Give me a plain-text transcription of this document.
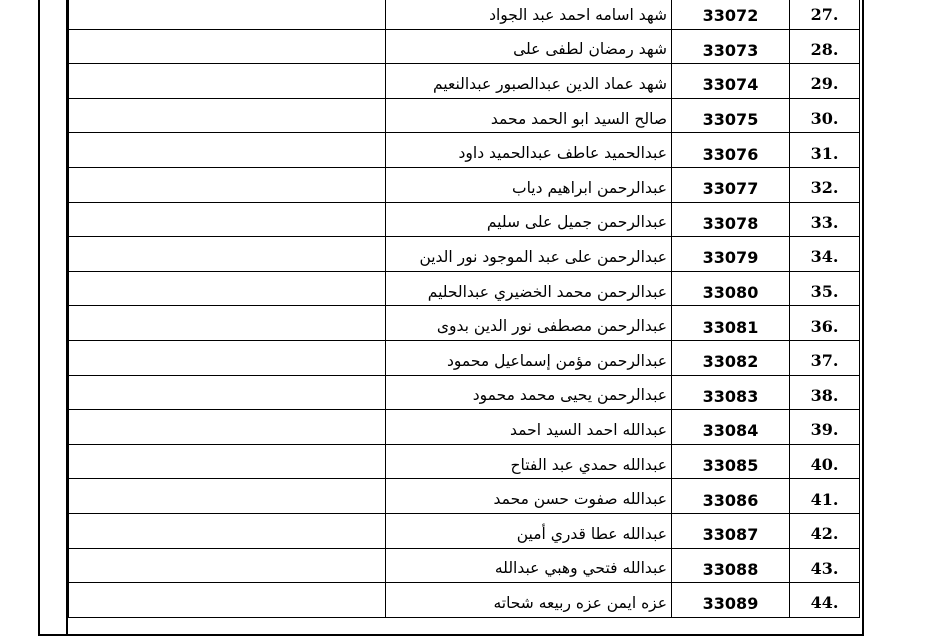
.27	33072	شهد اسامه احمد عبد الجواد	
.28	33073	شهد رمضان لطفى على	
.29	33074	شهد عماد الدين عبدالصبور عبدالنعيم	
.30	33075	صالح السيد ابو الحمد محمد	
.31	33076	عبدالحميد عاطف عبدالحميد داود	
.32	33077	عبدالرحمن ابراهيم دياب	
.33	33078	عبدالرحمن جميل على سليم	
.34	33079	عبدالرحمن على عبد الموجود نور الدين	
.35	33080	عبدالرحمن محمد الخضيري عبدالحليم	
.36	33081	عبدالرحمن مصطفى نور الدين بدوى	
.37	33082	عبدالرحمن مؤمن إسماعيل محمود	
.38	33083	عبدالرحمن يحيى محمد محمود	
.39	33084	عبدالله احمد السيد احمد	
.40	33085	عبدالله حمدي عبد الفتاح	
.41	33086	عبدالله صفوت حسن محمد	
.42	33087	عبدالله عطا قدري أمين	
.43	33088	عبدالله فتحي وهبي عبدالله	
.44	33089	عزه ايمن عزه ربيعه شحاته	
